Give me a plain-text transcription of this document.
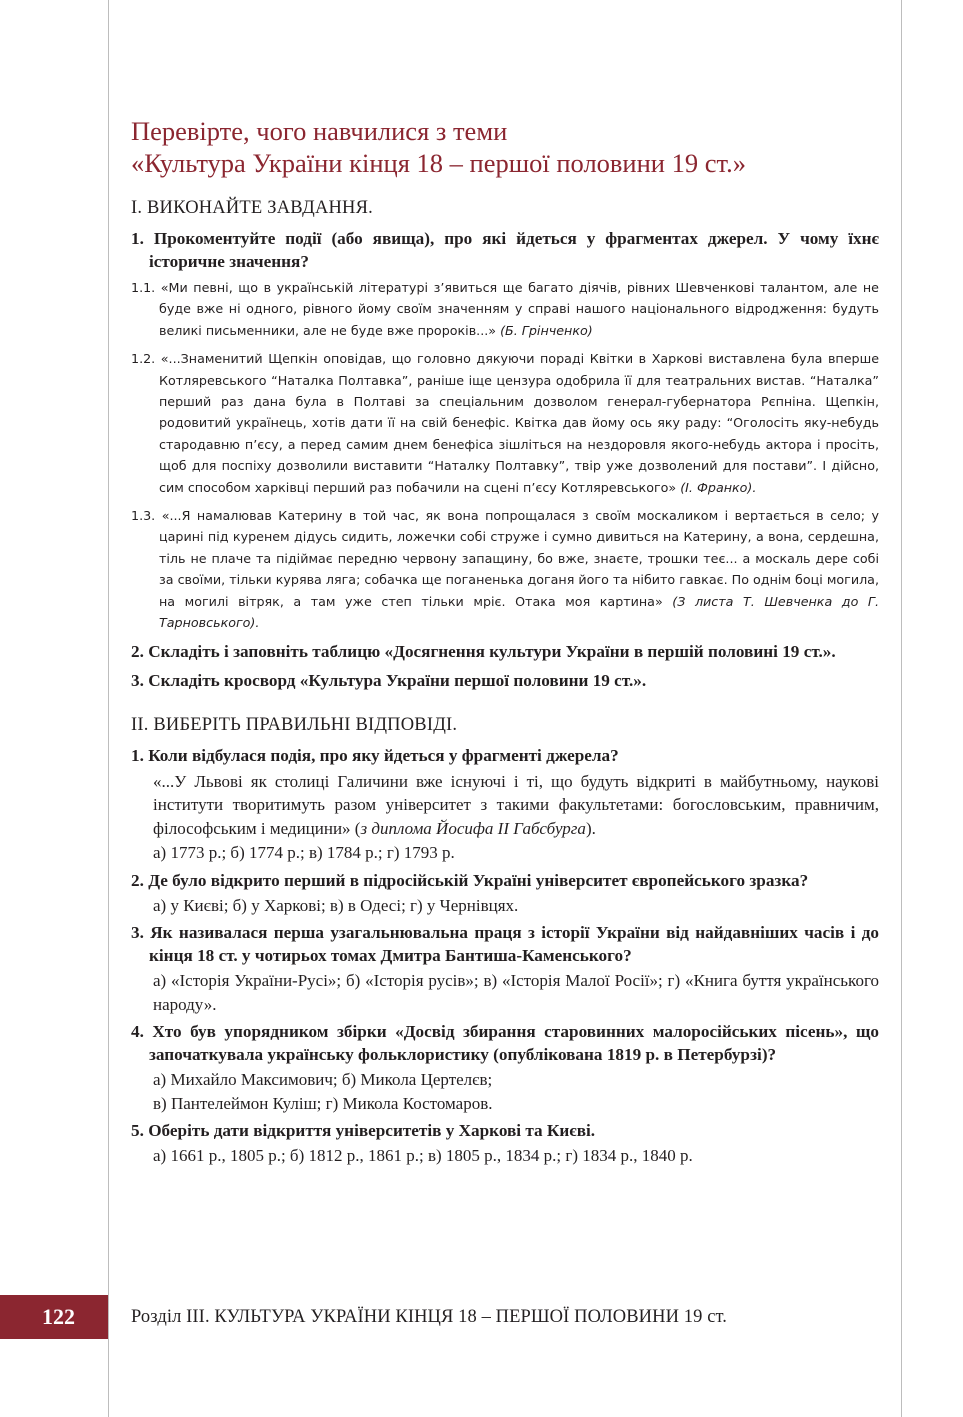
Перевірте, чого навчилися з теми
«Культура України кінця 18 – першої половини 19 ст.»
І. ВИКОНАЙТЕ ЗАВДАННЯ.

1. Прокоментуйте події (або явища), про які йдеться у фрагментах джерел. У чому їхнє історичне значення?

1.1. «Ми певні, що в українській літературі з’явиться ще багато діячів, рівних Шевченкові талантом, але не буде вже ні одного, рівного йому своїм значенням у справі нашого національного відродження: будуть великі письменники, але не буде вже пророків...» (Б. Грінченко)

1.2. «...Знаменитий Щепкін оповідав, що головно дякуючи пораді Квітки в Харкові виставлена була вперше Котляревського “Наталка Полтавка”, раніше іще цензура одобрила її для театральних вистав. “Наталка” перший раз дана була в Полтаві за спеціальним дозволом генерал-губернатора Рєпніна. Щепкін, родовитий українець, хотів дати її на свій бенефіс. Квітка дав йому ось яку раду: “Оголосіть яку-небудь стародавню п’єсу, а перед самим днем бенефіса зішліться на нездоровля якого-небудь актора і просіть, щоб для поспіху дозволили виставити “Наталку Полтавку”, твір уже дозволений для постави”. І дійсно, сим способом харківці перший раз побачили на сцені п’єсу Котляревського» (І. Франко).

1.3. «...Я намалював Катерину в той час, як вона попрощалася з своїм москаликом і вертається в село; у царині під куренем дідусь сидить, ложечки собі струже і сумно дивиться на Катерину, а вона, сердешна, тіль не плаче та підіймає передню червону запащину, бо вже, знаєте, трошки теє... а москаль дере собі за своїми, тільки курява ляга; собачка ще поганенька доганя його та нібито гавкає. По однім боці могила, на могилі вітряк, а там уже степ тільки мріє. Отака моя картина» (З листа Т. Шевченка до Г. Тарновського).

2. Складіть і заповніть таблицю «Досягнення культури України в першій половині 19 ст.».

3. Складіть кросворд «Культура України першої половини 19 ст.».

ІІ. ВИБЕРІТЬ ПРАВИЛЬНІ ВІДПОВІДІ.

1. Коли відбулася подія, про яку йдеться у фрагменті джерела?

«...У Львові як столиці Галичини вже існуючі і ті, що будуть відкриті в майбутньому, наукові інститути творитимуть разом університет з такими факультетами: богословським, правничим, філософським і медицини» (з диплома Йосифа ІІ Габсбурга).

а) 1773 р.; б) 1774 р.; в) 1784 р.; г) 1793 р.

2. Де було відкрито перший в підросійській Україні університет європейського зразка?

а) у Києві; б) у Харкові; в) в Одесі; г) у Чернівцях.

3. Як називалася перша узагальнювальна праця з історії України від найдавніших часів і до кінця 18 ст. у чотирьох томах Дмитра Бантиша-Каменського?

а) «Історія України-Русі»; б) «Історія русів»; в) «Історія Малої Росії»; г) «Книга буття українського народу».

4. Хто був упорядником збірки «Досвід збирання старовинних малоросійських пісень», що започаткувала українську фольклористику (опублікована 1819 р. в Петербурзі)?

а) Михайло Максимович; б) Микола Цертелєв;

в) Пантелеймон Куліш; г) Микола Костомаров.

5. Оберіть дати відкриття університетів у Харкові та Києві.

а) 1661 р., 1805 р.; б) 1812 р., 1861 р.; в) 1805 р., 1834 р.; г) 1834 р., 1840 р.

122	Розділ ІІІ. КУЛЬТУРА УКРАЇНИ КІНЦЯ 18 – ПЕРШОЇ ПОЛОВИНИ 19 ст.
